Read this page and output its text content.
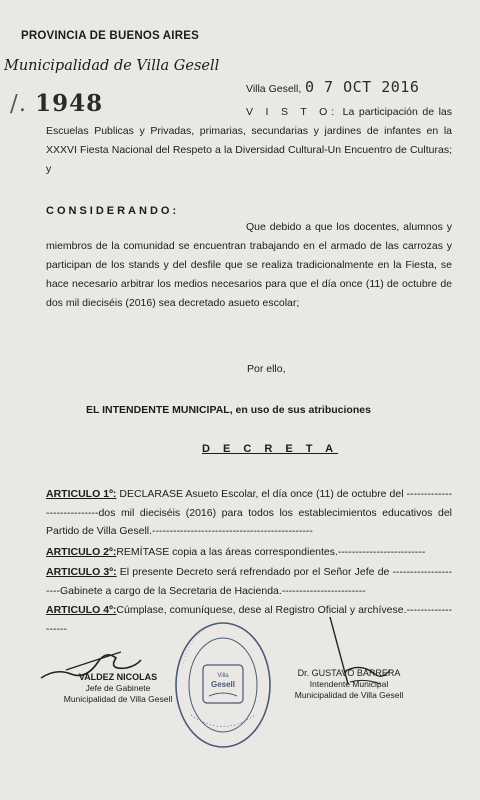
PROVINCIA DE BUENOS AIRES
Municipalidad de Villa Gesell
/. 1948
Villa Gesell, 0 7 OCT 2016
V I S T O: La participación de las Escuelas Publicas y Privadas, primarias, secundarias y jardines de infantes en la XXXVI Fiesta Nacional del Respeto a la Diversidad Cultural-Un Encuentro de Culturas; y
CONSIDERANDO:
Que debido a que los docentes, alumnos y miembros de la comunidad se encuentran trabajando en el armado de las carrozas y participan de los stands y del desfile que se realiza tradicionalmente en la Fiesta, se hace necesario arbitrar los medios necesarios para que el día once (11) de octubre de dos mil dieciséis (2016) sea decretado asueto escolar;
Por ello,
EL INTENDENTE MUNICIPAL, en uso de sus atribuciones
D E C R E T A
ARTICULO 1º: DECLARASE Asueto Escolar, el día once (11) de octubre del ----------------------------dos mil dieciséis (2016) para todos los establecimientos educativos del Partido de Villa Gesell.----------------------------------------------
ARTICULO 2º:REMÍTASE copia a las áreas correspondientes.-------------------------
ARTICULO 3º: El presente Decreto será refrendado por el Señor Jefe de ---------------------Gabinete a cargo de la Secretaria de Hacienda.------------------------
ARTICULO 4º:Cúmplase, comuníquese, dese al Registro Oficial y archívese.-------------------
Villa
Gesell
· · · · · · · · · · · · · · · · ·
VALDEZ NICOLAS
Jefe de Gabinete
Municipalidad de Villa Gesell
Dr. GUSTAVO BARRERA
Intendente Municipal
Municipalidad de Villa Gesell
